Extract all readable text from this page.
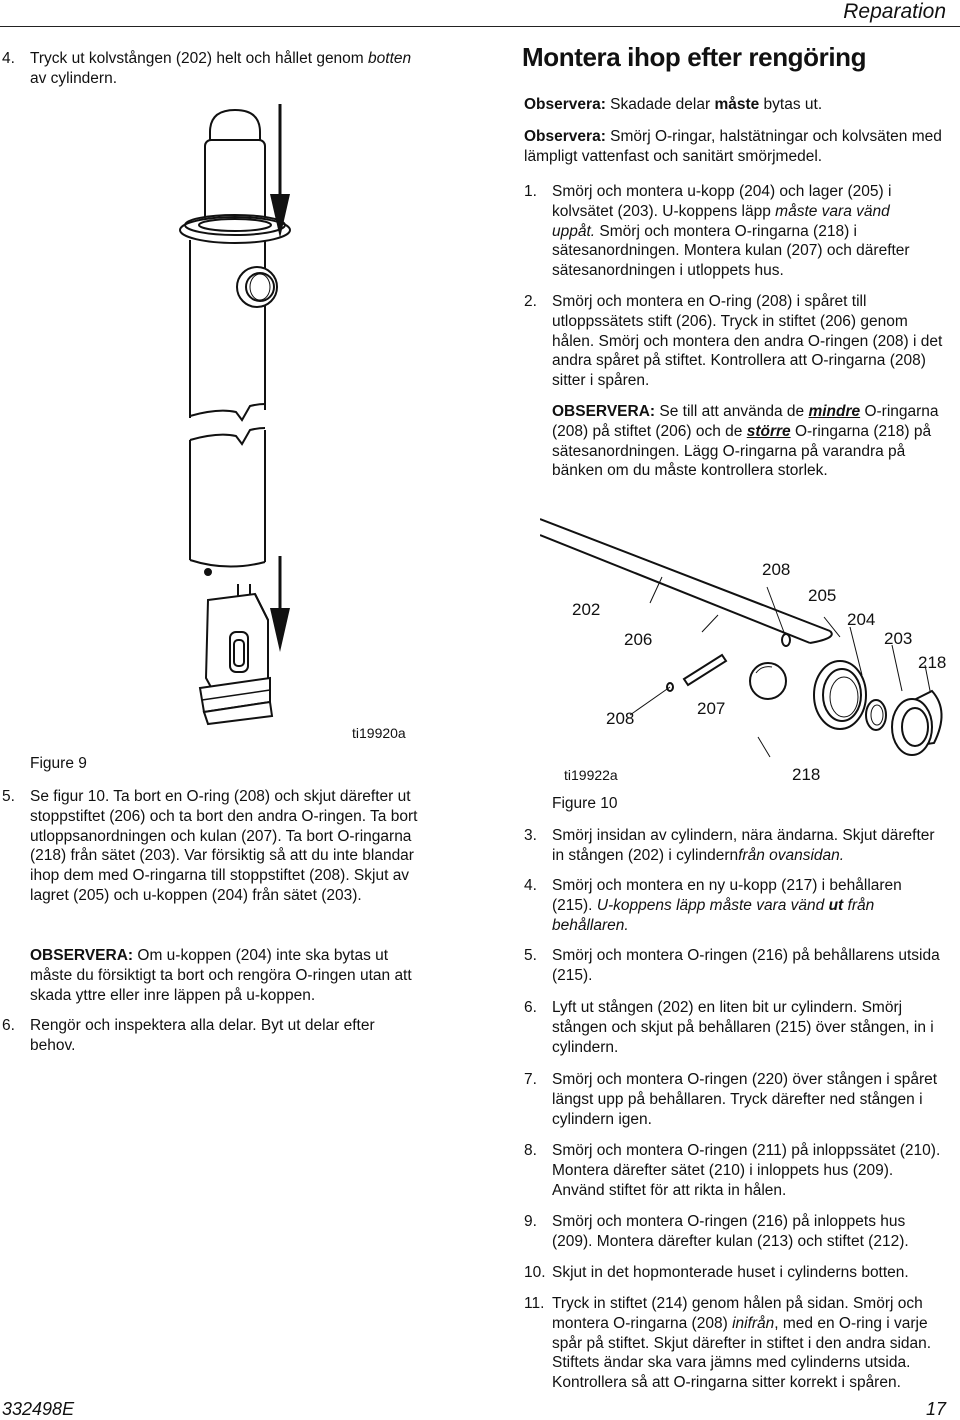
Reparation
4. Tryck ut kolvstången (202) helt och hållet genom botten av cylindern.
ti19920a
Figure 9
5. Se figur 10. Ta bort en O-ring (208) och skjut därefter ut stoppstiftet (206) och ta bort den andra O-ringen. Ta bort utloppsanordningen och kulan (207). Ta bort O-ringarna (218) från sätet (203). Var försiktig så att du inte blandar ihop dem med O-ringarna till stoppstiftet (208). Skjut av lagret (205) och u-koppen (204) från sätet (203).
OBSERVERA: Om u-koppen (204) inte ska bytas ut måste du försiktigt ta bort och rengöra O-ringen utan att skada yttre eller inre läppen på u-koppen.
6. Rengör och inspektera alla delar. Byt ut delar efter behov.
Montera ihop efter rengöring
Observera: Skadade delar måste bytas ut.
Observera: Smörj O-ringar, halstätningar och kolvsäten med lämpligt vattenfast och sanitärt smörjmedel.
1. Smörj och montera u-kopp (204) och lager (205) i kolvsätet (203). U-koppens läpp måste vara vänd uppåt. Smörj och montera O-ringarna (218) i sätesanordningen. Montera kulan (207) och därefter sätesanordningen i utloppets hus.
2. Smörj och montera en O-ring (208) i spåret till utloppssätets stift (206). Tryck in stiftet (206) genom hålen. Smörj och montera den andra O-ringen (208) i det andra spåret på stiftet. Kontrollera att O-ringarna (208) sitter i spåren.
OBSERVERA: Se till att använda de mindre O-ringarna (208) på stiftet (206) och de större O-ringarna (218) på sätesanordningen. Lägg O-ringarna på varandra på bänken om du måste kontrollera storlek.
202
206
208
205
204
203
218
208
207
218
ti19922a
Figure 10
3. Smörj insidan av cylindern, nära ändarna. Skjut därefter in stången (202) i cylindernfrån ovansidan.
4. Smörj och montera en ny u-kopp (217) i behållaren (215). U-koppens läpp måste vara vänd ut från behållaren.
5. Smörj och montera O-ringen (216) på behållarens utsida (215).
6. Lyft ut stången (202) en liten bit ur cylindern. Smörj stången och skjut på behållaren (215) över stången, in i cylindern.
7. Smörj och montera O-ringen (220) över stången i spåret längst upp på behållaren. Tryck därefter ned stången i cylindern igen.
8. Smörj och montera O-ringen (211) på inloppssätet (210). Montera därefter sätet (210) i inloppets hus (209). Använd stiftet för att rikta in hålen.
9. Smörj och montera O-ringen (216) på inloppets hus (209). Montera därefter kulan (213) och stiftet (212).
10. Skjut in det hopmonterade huset i cylinderns botten.
11. Tryck in stiftet (214) genom hålen på sidan. Smörj och montera O-ringarna (208) inifrån, med en O-ring i varje spår på stiftet. Skjut därefter in stiftet i den andra sidan. Stiftets ändar ska vara jämns med cylinderns utsida. Kontrollera så att O-ringarna sitter korrekt i spåren.
332498E	17
